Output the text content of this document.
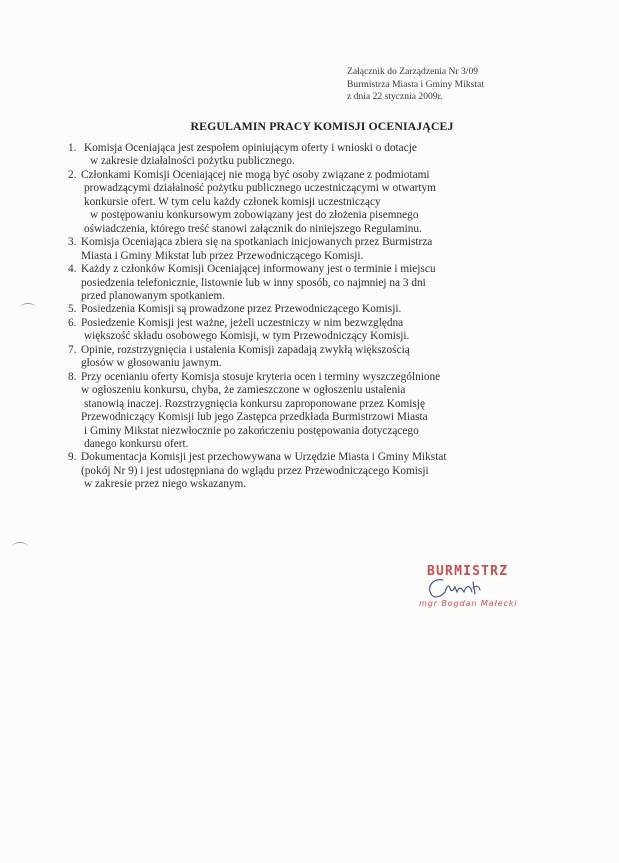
Załącznik do Zarządzenia Nr 3/09
Burmistrza Miasta i Gminy Mikstat
z dnia 22 stycznia 2009r.
REGULAMIN PRACY KOMISJI OCENIAJĄCEJ
1. Komisja Oceniająca jest zespołem opiniującym oferty i wnioski o dotacje
w zakresie działalności pożytku publicznego.
2. Członkami Komisji Oceniającej nie mogą być osoby związane z podmiotami
prowadzącymi działalność pożytku publicznego uczestniczącymi w otwartym
konkursie ofert. W tym celu każdy członek komisji uczestniczący
w postępowaniu konkursowym zobowiązany jest do złożenia pisemnego
oświadczenia, którego treść stanowi załącznik do niniejszego Regulaminu.
3. Komisja Oceniająca zbiera się na spotkaniach inicjowanych przez Burmistrza
Miasta i Gminy Mikstat lub przez Przewodniczącego Komisji.
4. Każdy z członków Komisji Oceniającej informowany jest o terminie i miejscu
posiedzenia telefonicznie, listownie lub w inny sposób, co najmniej na 3 dni
przed planowanym spotkaniem.
5. Posiedzenia Komisji są prowadzone przez Przewodniczącego Komisji.
6. Posiedzenie Komisji jest ważne, jeżeli uczestniczy w nim bezwzględna
większość składu osobowego Komisji, w tym Przewodniczący Komisji.
7. Opinie, rozstrzygnięcia i ustalenia Komisji zapadają zwykłą większością
głosów w głosowaniu jawnym.
8. Przy ocenianiu oferty Komisja stosuje kryteria ocen i terminy wyszczególnione
w ogłoszeniu konkursu, chyba, że zamieszczone w ogłoszeniu ustalenia
stanowią inaczej. Rozstrzygnięcia konkursu zaproponowane przez Komisję
Przewodniczący Komisji lub jego Zastępca przedkłada Burmistrzowi Miasta
i Gminy Mikstat niezwłocznie po zakończeniu postępowania dotyczącego
danego konkursu ofert.
9. Dokumentacja Komisji jest przechowywana w Urzędzie Miasta i Gminy Mikstat
(pokój Nr 9) i jest udostępniana do wglądu przez Przewodniczącego Komisji
w zakresie przez niego wskazanym.
BURMISTRZ
mgr Bogdan Małecki
